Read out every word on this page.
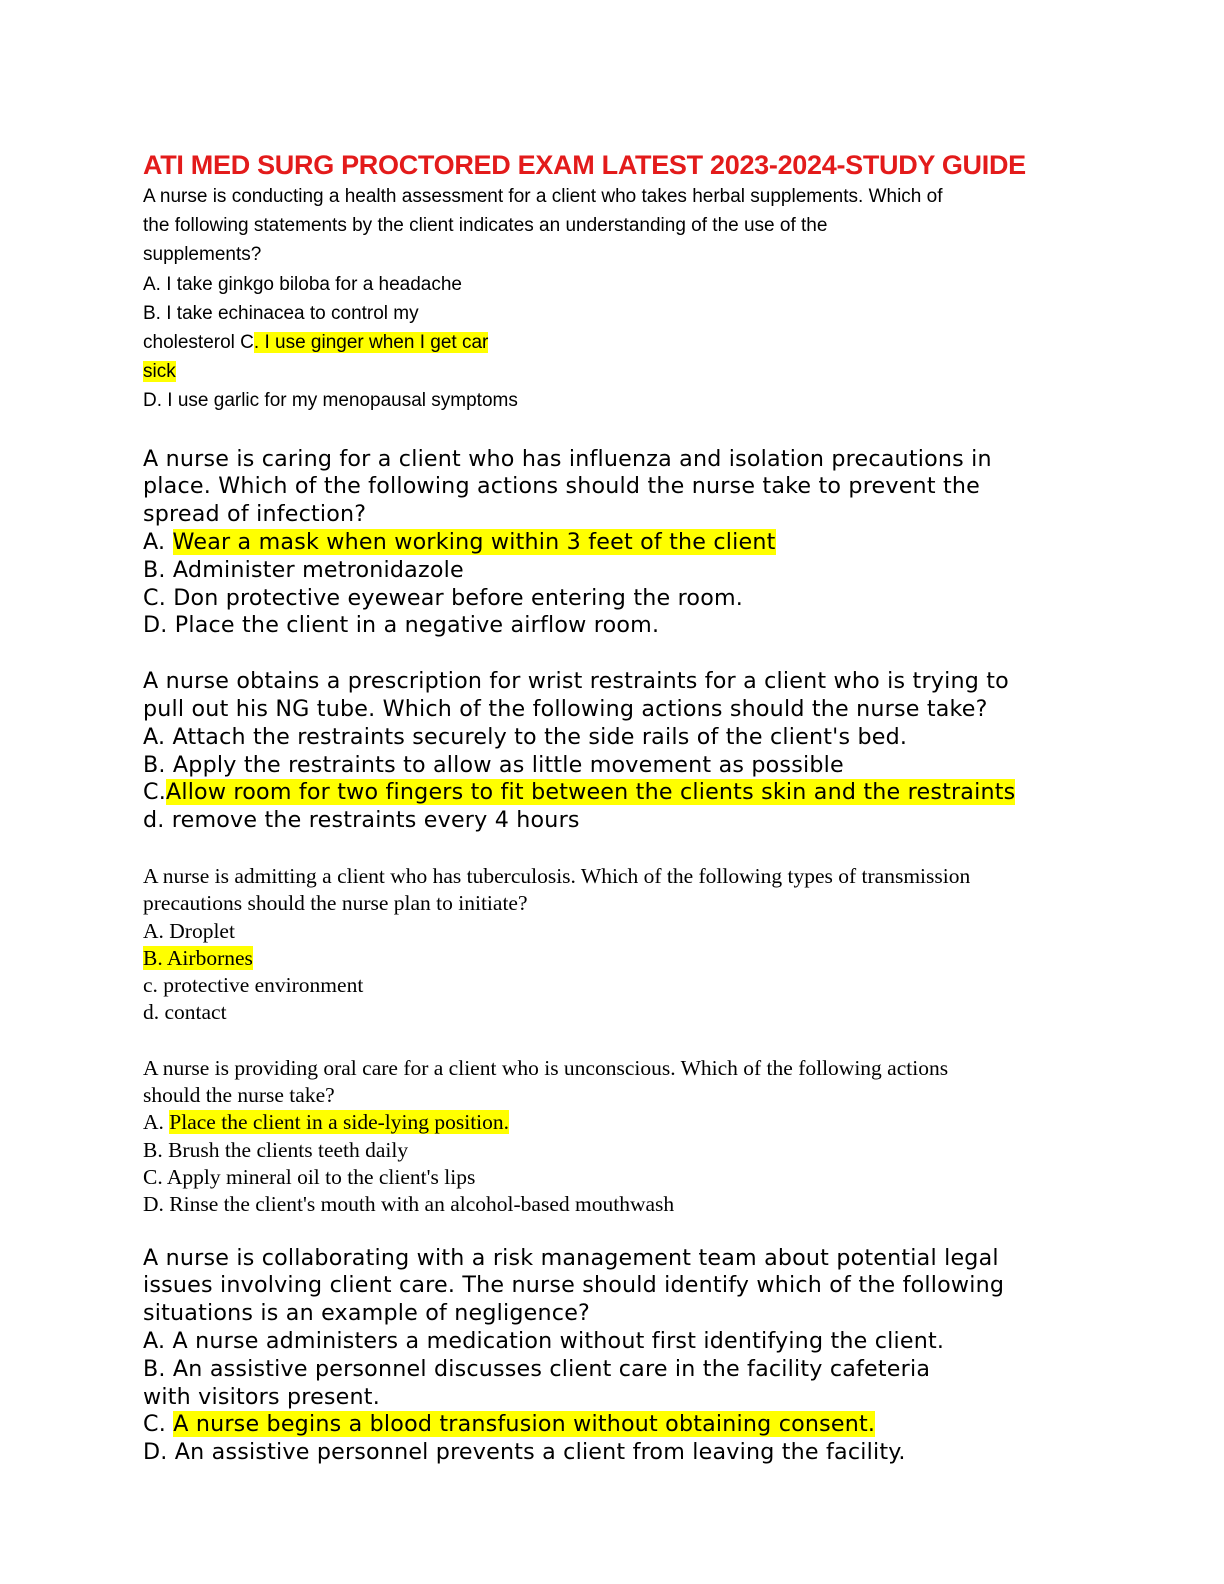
ATI MED SURG PROCTORED EXAM LATEST 2023-2024-STUDY GUIDE

A nurse is conducting a health assessment for a client who takes herbal supplements. Which of

the following statements by the client indicates an understanding of the use of the

supplements?

A. I take ginkgo biloba for a headache

B. I take echinacea to control my

cholesterol C. I use ginger when I get car

sick

D. I use garlic for my menopausal symptoms

A nurse is caring for a client who has influenza and isolation precautions in

place. Which of the following actions should the nurse take to prevent the

spread of infection?

A. Wear a mask when working within 3 feet of the client

B. Administer metronidazole

C. Don protective eyewear before entering the room.

D. Place the client in a negative airflow room.

A nurse obtains a prescription for wrist restraints for a client who is trying to

pull out his NG tube. Which of the following actions should the nurse take?

A. Attach the restraints securely to the side rails of the client's bed.

B. Apply the restraints to allow as little movement as possible

C.Allow room for two fingers to fit between the clients skin and the restraints

d. remove the restraints every 4 hours

A nurse is admitting a client who has tuberculosis. Which of the following types of transmission

precautions should the nurse plan to initiate?

A. Droplet

B. Airbornes

c. protective environment

d. contact

A nurse is providing oral care for a client who is unconscious. Which of the following actions

should the nurse take?

A. Place the client in a side-lying position.

B. Brush the clients teeth daily

C. Apply mineral oil to the client's lips

D. Rinse the client's mouth with an alcohol-based mouthwash

A nurse is collaborating with a risk management team about potential legal

issues involving client care. The nurse should identify which of the following

situations is an example of negligence?

A. A nurse administers a medication without first identifying the client.

B. An assistive personnel discusses client care in the facility cafeteria

with visitors present.

C. A nurse begins a blood transfusion without obtaining consent.

D. An assistive personnel prevents a client from leaving the facility.
